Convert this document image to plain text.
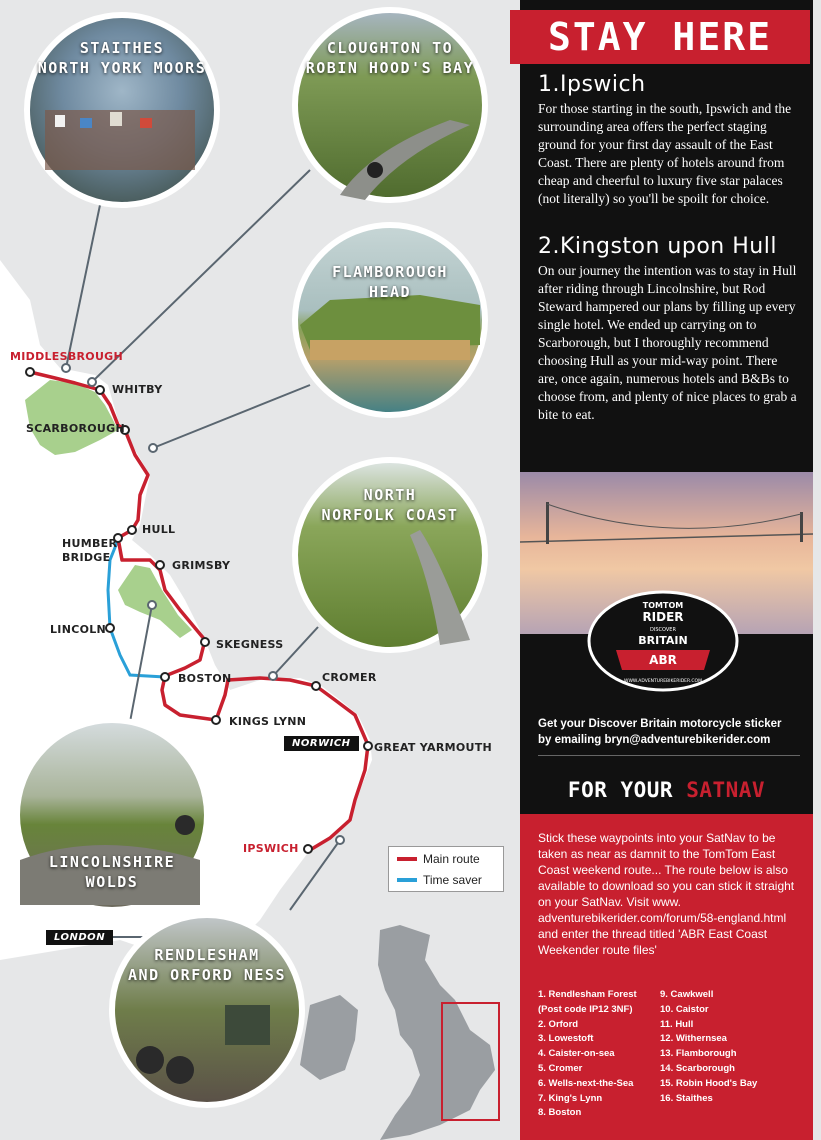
STAITHES
NORTH YORK MOORS
CLOUGHTON TO
ROBIN HOOD'S BAY
FLAMBOROUGH
HEAD
NORTH
NORFOLK COAST
LINCOLNSHIRE
WOLDS
RENDLESHAM
AND ORFORD NESS
MIDDLESBROUGH
WHITBY
SCARBOROUGH
HULL
HUMBER
BRIDGE
GRIMSBY
LINCOLN
SKEGNESS
BOSTON	CROMER
KINGS LYNN
NORWICH	GREAT YARMOUTH
IPSWICH
LONDON
Main route
Time saver
STAY HERE
1.Ipswich
For those starting in the south, Ipswich and the surrounding area offers the perfect staging ground for your first day assault of the East Coast. There are plenty of hotels around from cheap and cheerful to luxury five star palaces (not literally) so you'll be spoilt for choice.
2.Kingston upon Hull
On our journey the intention was to stay in Hull after riding through Lincolnshire, but Rod Steward hampered our plans by filling up every single hotel. We ended up carrying on to Scarborough, but I thoroughly recommend choosing Hull as your mid-way point. There are, once again, numerous hotels and B&Bs to choose from, and plenty of nice places to grab a bite to eat.
TOMTOM
RIDER
DISCOVER
BRITAIN
ABR
WWW.ADVENTUREBIKERIDER.COM
Get your Discover Britain motorcycle sticker
by emailing bryn@adventurebikerider.com
FOR YOUR SATNAV
Stick these waypoints into your SatNav to be taken as near as damnit to the TomTom East Coast weekend route... The route below is also available to download so you can stick it straight on your SatNav. Visit www. adventurebikerider.com/forum/58-england.html and enter the thread titled 'ABR East Coast Weekender route files'
1. Rendlesham Forest
(Post code IP12 3NF)
2. Orford
3. Lowestoft
4. Caister-on-sea
5. Cromer
6. Wells-next-the-Sea
7. King's Lynn
8. Boston
9. Cawkwell
10. Caistor
11. Hull
12. Withernsea
13. Flamborough
14. Scarborough
15. Robin Hood's Bay
16. Staithes
